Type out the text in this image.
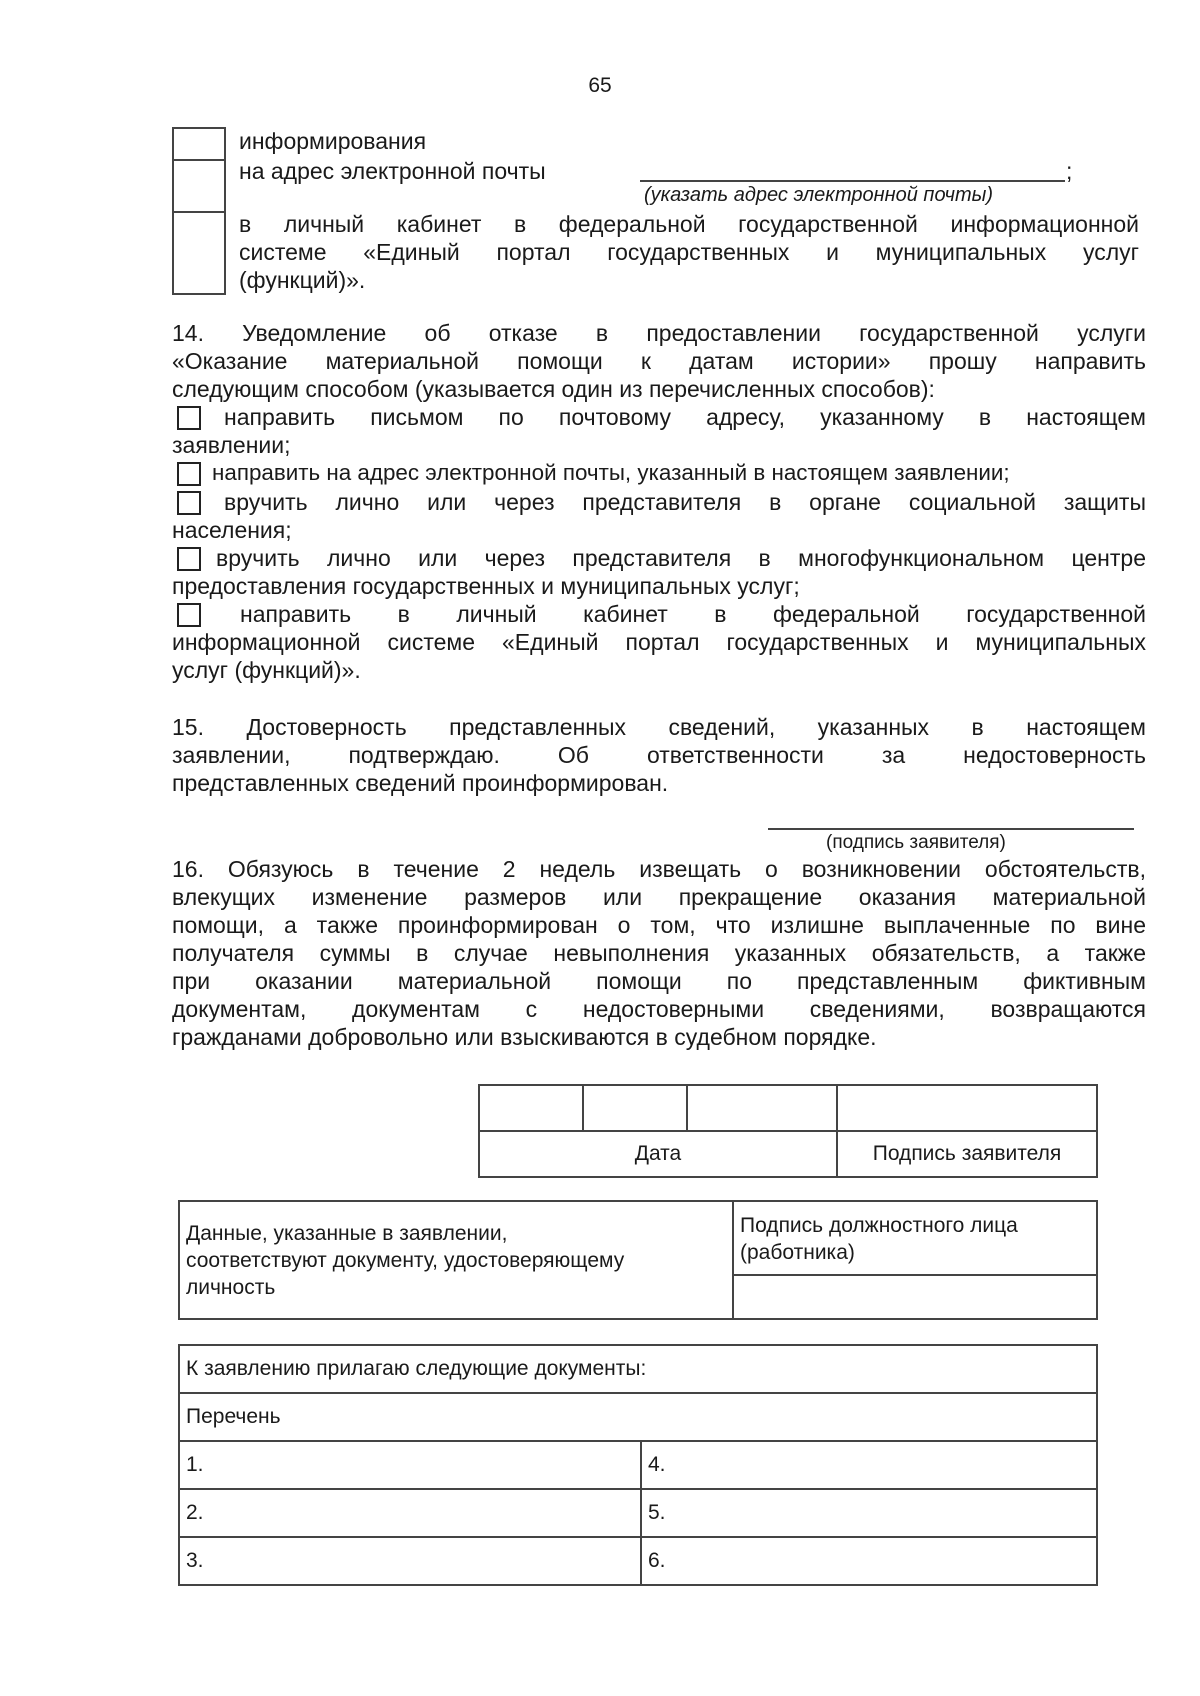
65
информирования
на адрес электронной почты	;
(указать адрес электронной почты)
в личный кабинет в федеральной государственной информационной
системе «Единый портал государственных и муниципальных услуг
(функций)».
14. Уведомление об отказе в предоставлении государственной услуги
«Оказание материальной помощи к датам истории» прошу направить
следующим способом (указывается один из перечисленных способов):
направить письмом по почтовому адресу, указанному в настоящем
заявлении;
направить на адрес электронной почты, указанный в настоящем заявлении;
вручить лично или через представителя в органе социальной защиты
населения;
вручить лично или через представителя в многофункциональном центре
предоставления государственных и муниципальных услуг;
направить в личный кабинет в федеральной государственной
информационной системе «Единый портал государственных и муниципальных
услуг (функций)».
15. Достоверность представленных сведений, указанных в настоящем
заявлении, подтверждаю. Об ответственности за недостоверность
представленных сведений проинформирован.
(подпись заявителя)
16. Обязуюсь в течение 2 недель извещать о возникновении обстоятельств,
влекущих изменение размеров или прекращение оказания материальной
помощи, а также проинформирован о том, что излишне выплаченные по вине
получателя суммы в случае невыполнения указанных обязательств, а также
при оказании материальной помощи по представленным фиктивным
документам, документам с недостоверными сведениями, возвращаются
гражданами добровольно или взыскиваются в судебном порядке.

Дата			Подпись заявителя
Данные, указанные в заявлении,
соответствуют документу, удостоверяющему
личность

Подпись должностного лица
(работника)

К заявлению прилагаю следующие документы:	
Перечень	
1.	4.
2.	5.
3.	6.
